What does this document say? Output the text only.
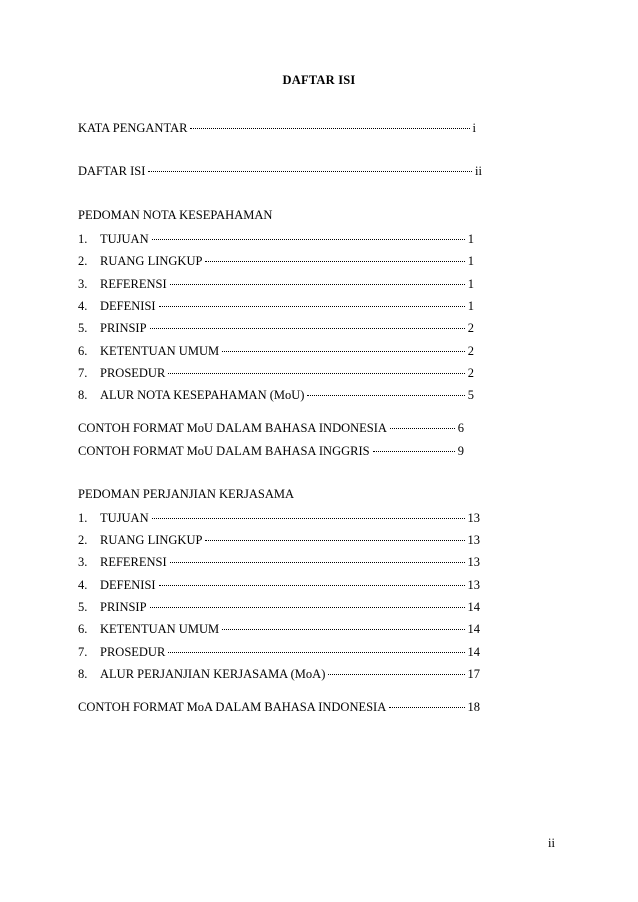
DAFTAR ISI
KATA PENGANTAR	i
DAFTAR ISI	ii
PEDOMAN NOTA KESEPAHAMAN
1. TUJUAN	1
2. RUANG LINGKUP	1
3. REFERENSI	1
4. DEFENISI	1
5. PRINSIP	2
6. KETENTUAN UMUM	2
7. PROSEDUR	2
8. ALUR NOTA KESEPAHAMAN (MoU)	5
CONTOH FORMAT MoU DALAM BAHASA INDONESIA	6
CONTOH FORMAT MoU DALAM BAHASA INGGRIS	9
PEDOMAN PERJANJIAN KERJASAMA
1. TUJUAN	13
2. RUANG LINGKUP	13
3. REFERENSI	13
4. DEFENISI	13
5. PRINSIP	14
6. KETENTUAN UMUM	14
7. PROSEDUR	14
8. ALUR PERJANJIAN KERJASAMA (MoA)	17
CONTOH FORMAT MoA DALAM BAHASA INDONESIA	18
ii
